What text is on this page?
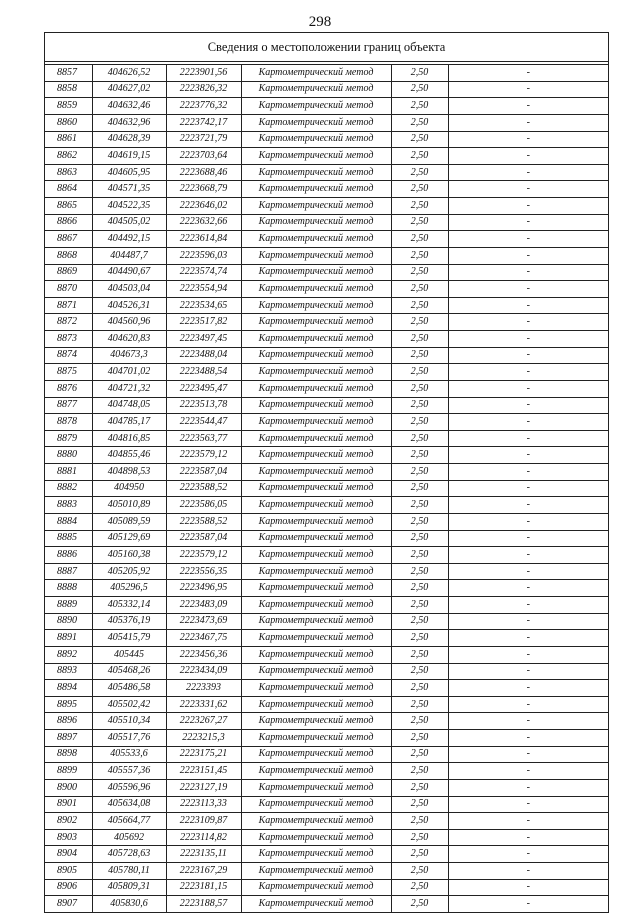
298
Сведения о местоположении границ объекта
8857	404626,52	2223901,56	Картометрический метод	2,50	-
8858	404627,02	2223826,32	Картометрический метод	2,50	-
8859	404632,46	2223776,32	Картометрический метод	2,50	-
8860	404632,96	2223742,17	Картометрический метод	2,50	-
8861	404628,39	2223721,79	Картометрический метод	2,50	-
8862	404619,15	2223703,64	Картометрический метод	2,50	-
8863	404605,95	2223688,46	Картометрический метод	2,50	-
8864	404571,35	2223668,79	Картометрический метод	2,50	-
8865	404522,35	2223646,02	Картометрический метод	2,50	-
8866	404505,02	2223632,66	Картометрический метод	2,50	-
8867	404492,15	2223614,84	Картометрический метод	2,50	-
8868	404487,7	2223596,03	Картометрический метод	2,50	-
8869	404490,67	2223574,74	Картометрический метод	2,50	-
8870	404503,04	2223554,94	Картометрический метод	2,50	-
8871	404526,31	2223534,65	Картометрический метод	2,50	-
8872	404560,96	2223517,82	Картометрический метод	2,50	-
8873	404620,83	2223497,45	Картометрический метод	2,50	-
8874	404673,3	2223488,04	Картометрический метод	2,50	-
8875	404701,02	2223488,54	Картометрический метод	2,50	-
8876	404721,32	2223495,47	Картометрический метод	2,50	-
8877	404748,05	2223513,78	Картометрический метод	2,50	-
8878	404785,17	2223544,47	Картометрический метод	2,50	-
8879	404816,85	2223563,77	Картометрический метод	2,50	-
8880	404855,46	2223579,12	Картометрический метод	2,50	-
8881	404898,53	2223587,04	Картометрический метод	2,50	-
8882	404950	2223588,52	Картометрический метод	2,50	-
8883	405010,89	2223586,05	Картометрический метод	2,50	-
8884	405089,59	2223588,52	Картометрический метод	2,50	-
8885	405129,69	2223587,04	Картометрический метод	2,50	-
8886	405160,38	2223579,12	Картометрический метод	2,50	-
8887	405205,92	2223556,35	Картометрический метод	2,50	-
8888	405296,5	2223496,95	Картометрический метод	2,50	-
8889	405332,14	2223483,09	Картометрический метод	2,50	-
8890	405376,19	2223473,69	Картометрический метод	2,50	-
8891	405415,79	2223467,75	Картометрический метод	2,50	-
8892	405445	2223456,36	Картометрический метод	2,50	-
8893	405468,26	2223434,09	Картометрический метод	2,50	-
8894	405486,58	2223393	Картометрический метод	2,50	-
8895	405502,42	2223331,62	Картометрический метод	2,50	-
8896	405510,34	2223267,27	Картометрический метод	2,50	-
8897	405517,76	2223215,3	Картометрический метод	2,50	-
8898	405533,6	2223175,21	Картометрический метод	2,50	-
8899	405557,36	2223151,45	Картометрический метод	2,50	-
8900	405596,96	2223127,19	Картометрический метод	2,50	-
8901	405634,08	2223113,33	Картометрический метод	2,50	-
8902	405664,77	2223109,87	Картометрический метод	2,50	-
8903	405692	2223114,82	Картометрический метод	2,50	-
8904	405728,63	2223135,11	Картометрический метод	2,50	-
8905	405780,11	2223167,29	Картометрический метод	2,50	-
8906	405809,31	2223181,15	Картометрический метод	2,50	-
8907	405830,6	2223188,57	Картометрический метод	2,50	-
